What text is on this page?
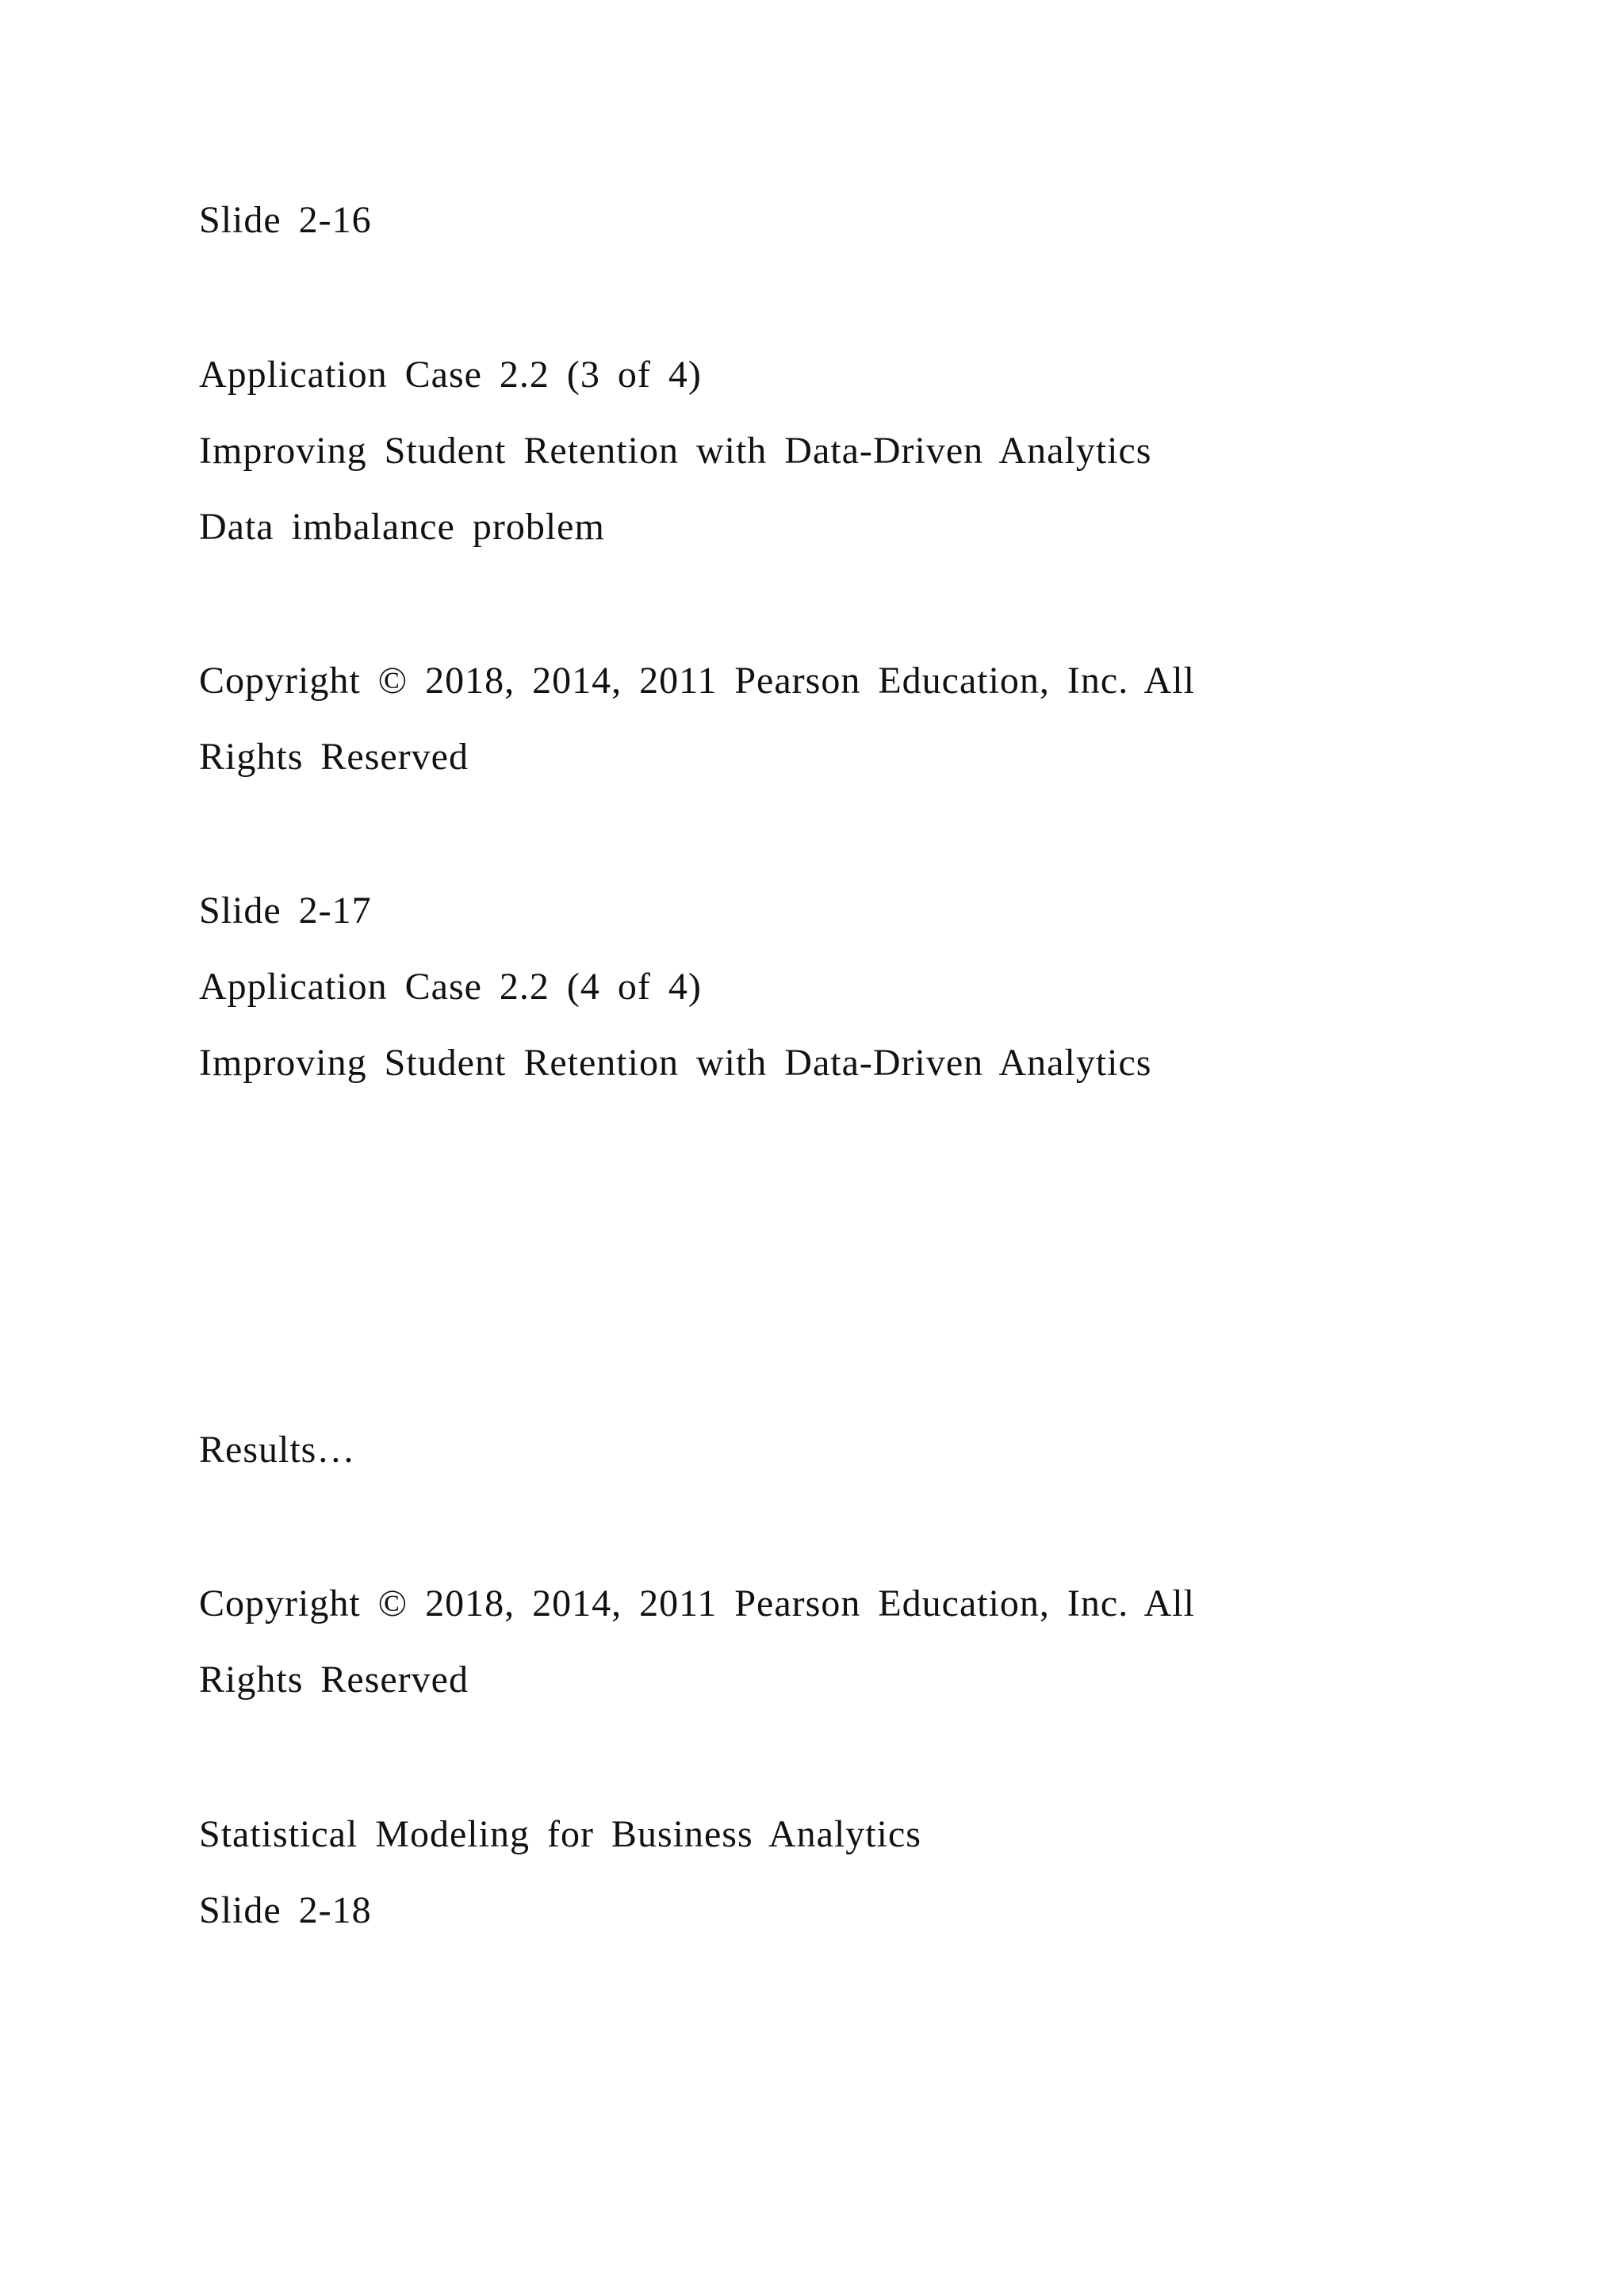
Slide 2-16
Application Case 2.2 (3 of 4)
Improving Student Retention with Data-Driven Analytics
Data imbalance problem
Copyright © 2018, 2014, 2011 Pearson Education, Inc. All
Rights Reserved
Slide 2-17
Application Case 2.2 (4 of 4)
Improving Student Retention with Data-Driven Analytics
Results…
Copyright © 2018, 2014, 2011 Pearson Education, Inc. All
Rights Reserved
Statistical Modeling for Business Analytics
Slide 2-18
